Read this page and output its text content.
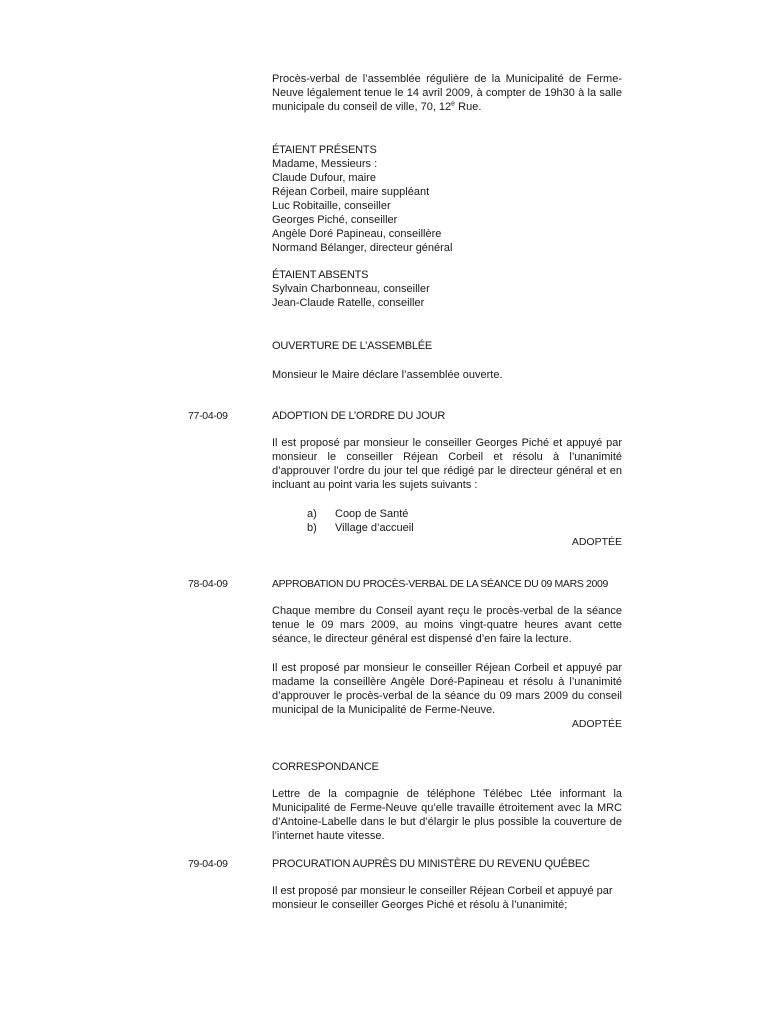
Procès-verbal de l’assemblée régulière de la Municipalité de Ferme-Neuve légalement tenue le 14 avril 2009, à compter de 19h30 à la salle municipale du conseil de ville, 70, 12e Rue.

ÉTAIENT PRÉSENTS
Madame, Messieurs :
Claude Dufour, maire
Réjean Corbeil, maire suppléant
Luc Robitaille, conseiller
Georges Piché, conseiller
Angèle Doré Papineau, conseillère
Normand Bélanger, directeur général
ÉTAIENT ABSENTS
Sylvain Charbonneau, conseiller
Jean-Claude Ratelle, conseiller

OUVERTURE DE L’ASSEMBLÉE

Monsieur le Maire déclare l’assemblée ouverte.

77-04-09	ADOPTION DE L’ORDRE DU JOUR

Il est proposé par monsieur le conseiller Georges Piché et appuyé par monsieur le conseiller Réjean Corbeil et résolu à l’unanimité d’approuver l’ordre du jour tel que rédigé par le directeur général et en incluant au point varia les sujets suivants :

a)	Coop de Santé
b)	Village d’accueil

ADOPTÉE

78-04-09	APPROBATION DU PROCÈS-VERBAL DE LA SÉANCE DU 09 MARS 2009

Chaque membre du Conseil ayant reçu le procès-verbal de la séance tenue le 09 mars 2009, au moins vingt-quatre heures avant cette séance, le directeur général est dispensé d’en faire la lecture.

Il est proposé par monsieur le conseiller Réjean Corbeil et appuyé par madame la conseillère Angèle Doré-Papineau et résolu à l’unanimité d’approuver le procès-verbal de la séance du 09 mars 2009 du conseil municipal de la Municipalité de Ferme-Neuve.

ADOPTÉE

CORRESPONDANCE

Lettre de la compagnie de téléphone Télébec Ltée informant la Municipalité de Ferme-Neuve qu’elle travaille étroitement avec la MRC d’Antoine-Labelle dans le but d’élargir le plus possible la couverture de l’internet haute vitesse.

79-04-09	PROCURATION AUPRÈS DU MINISTÈRE DU REVENU QUÉBEC

Il est proposé par monsieur le conseiller Réjean Corbeil et appuyé par monsieur le conseiller Georges Piché et résolu à l’unanimité;
